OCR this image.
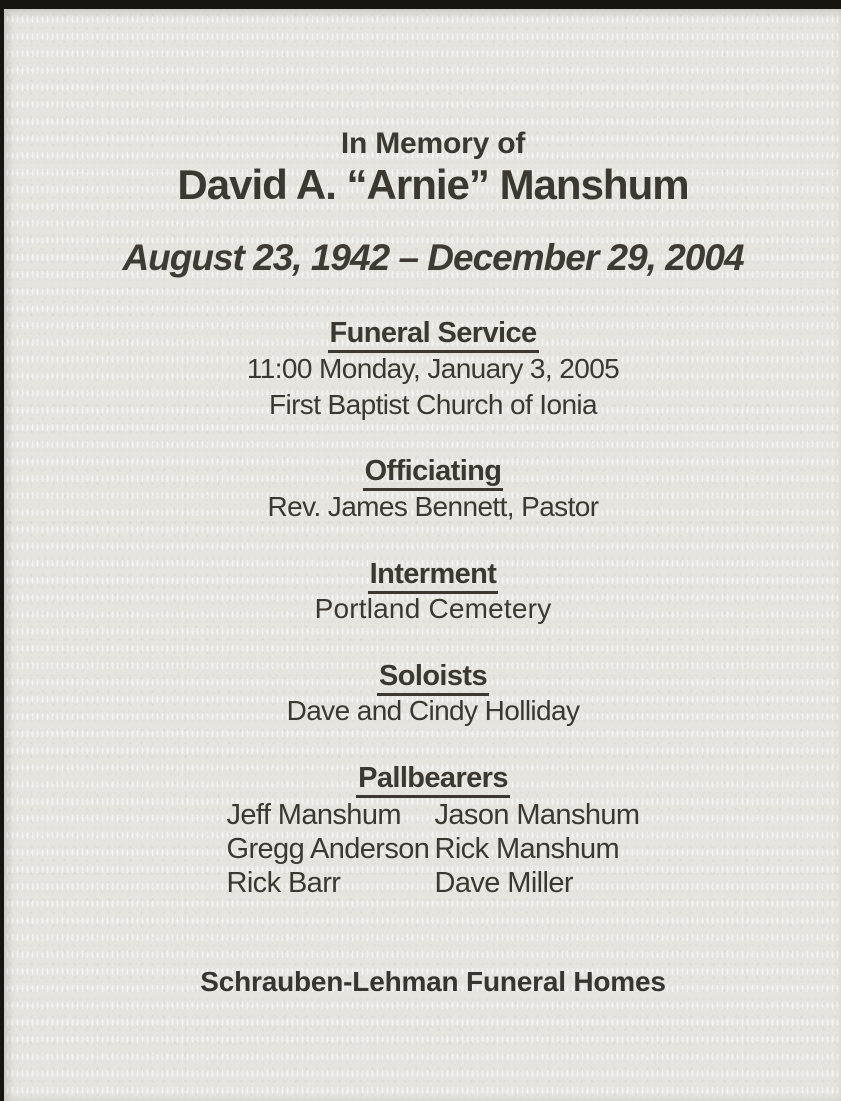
In Memory of
David A. “Arnie” Manshum
August 23, 1942 – December 29, 2004
Funeral Service
11:00 Monday, January 3, 2005
First Baptist Church of Ionia
Officiating
Rev. James Bennett, Pastor
Interment
Portland Cemetery
Soloists
Dave and Cindy Holliday
Pallbearers
Jeff Manshum
Gregg Anderson
Rick Barr
Jason Manshum
Rick Manshum
Dave Miller
Schrauben-Lehman Funeral Homes
